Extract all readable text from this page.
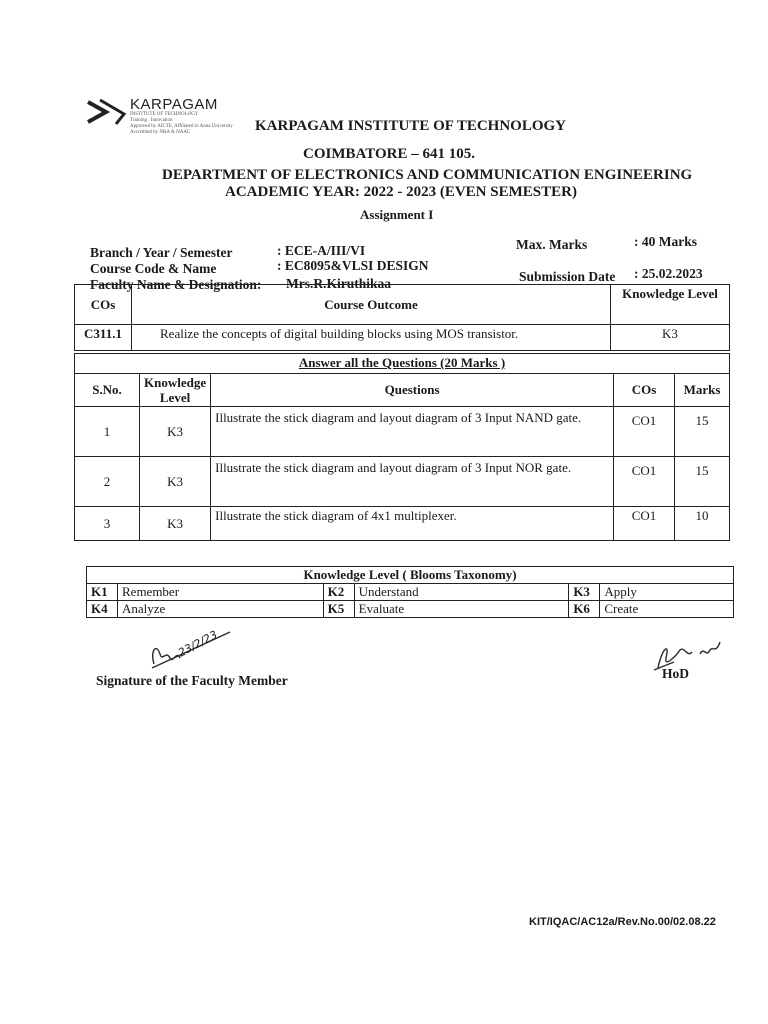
KARPAGAM
INSTITUTE OF TECHNOLOGY
Training . Innovation
Approved by AICTE, Affiliated to Anna University
Accredited by NBA & NAAC	KARPAGAM INSTITUTE OF TECHNOLOGY
COIMBATORE – 641 105.
DEPARTMENT OF ELECTRONICS AND COMMUNICATION ENGINEERING
ACADEMIC YEAR: 2022 - 2023 (EVEN SEMESTER)
Assignment I
Branch / Year / Semester	: ECE-A/III/VI
Course Code & Name	: EC8095&VLSI DESIGN
Faculty Name & Designation: Mrs.R.Kiruthikaa
Max. Marks	: 40 Marks
Submission Date : 25.02.2023
COs	Course Outcome	Knowledge Level
C311.1	Realize the concepts of digital building blocks using MOS transistor.	K3
Answer all the Questions (20 Marks )				
S.No.	Knowledge Level	Questions	COs	Marks
1	K3	Illustrate the stick diagram and layout diagram of 3 Input NAND gate.	CO1	15
2	K3	Illustrate the stick diagram and layout diagram of 3 Input NOR gate.	CO1	15
3	K3	Illustrate the stick diagram of 4x1 multiplexer.	CO1	10
Knowledge Level ( Blooms Taxonomy)					
K1	Remember	K2	Understand	K3	Apply
K4	Analyze	K5	Evaluate	K6	Create
23/2/23
Signature of the Faculty Member	HoD
KIT/IQAC/AC12a/Rev.No.00/02.08.22
